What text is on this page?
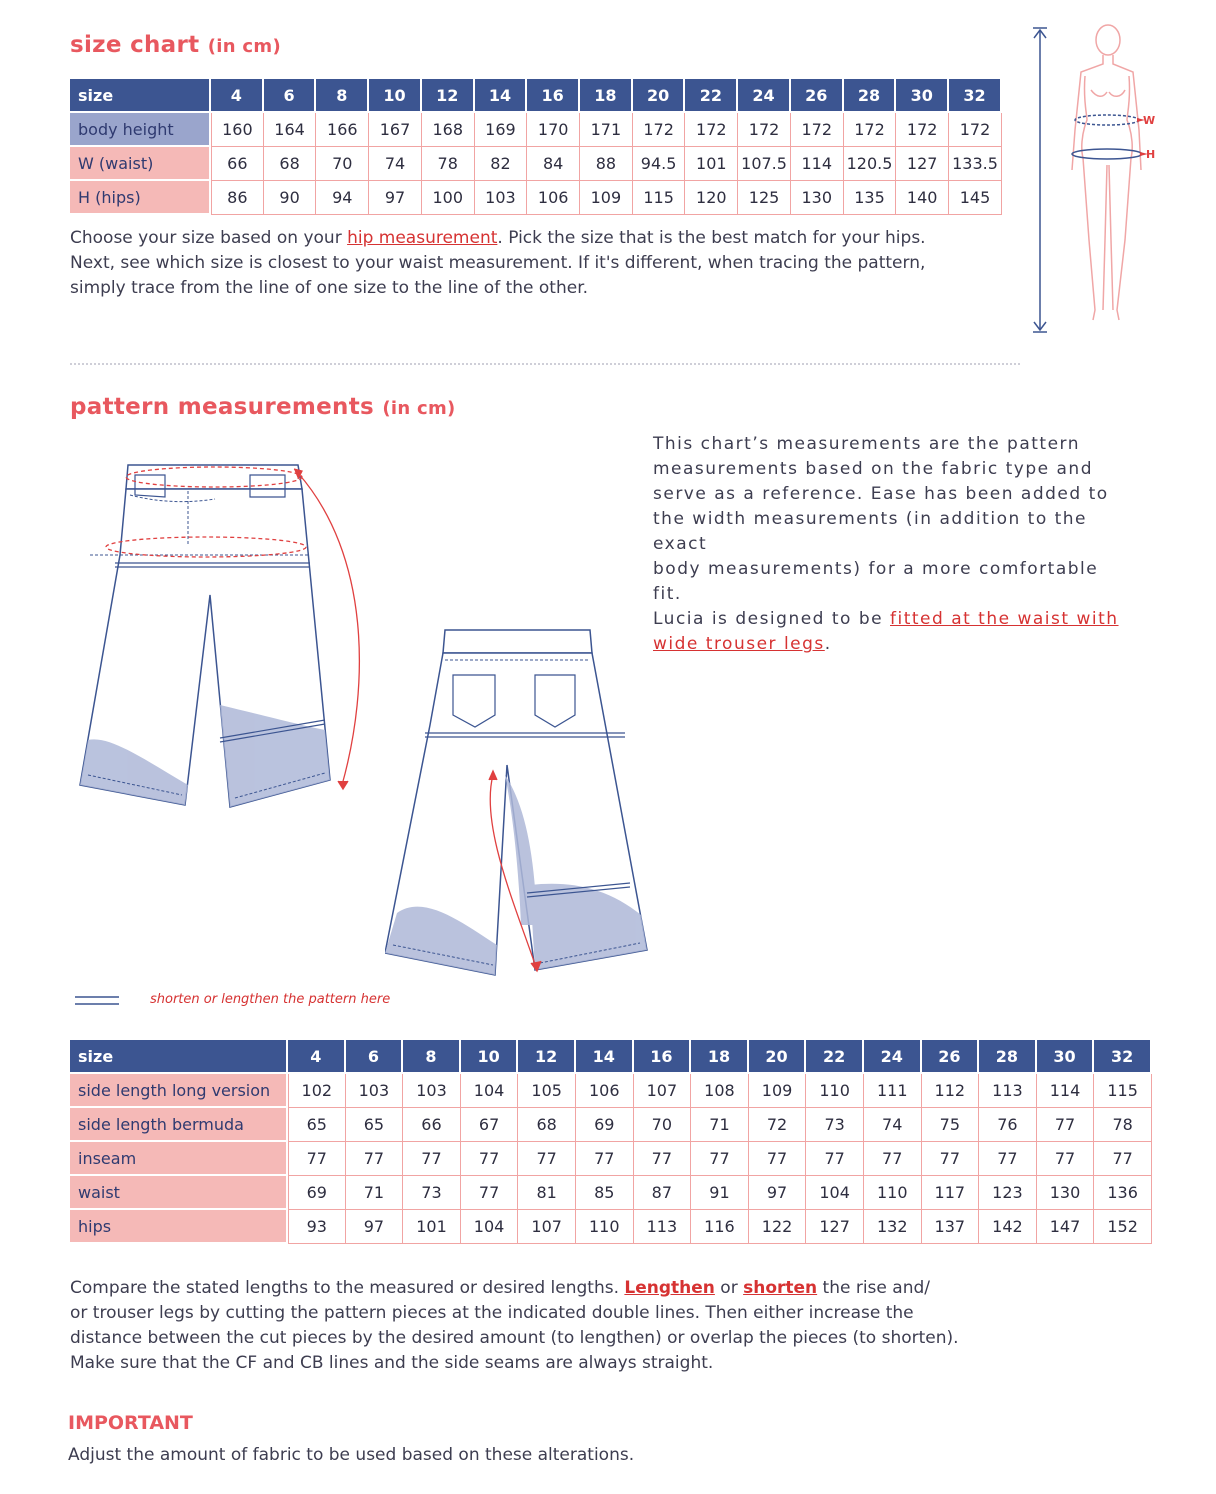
size chart (in cm)
size	4	6	8	10	12	14	16	18	20	22	24	26	28	30	32
body height	160	164	166	167	168	169	170	171	172	172	172	172	172	172	172
W (waist)	66	68	70	74	78	82	84	88	94.5	101	107.5	114	120.5	127	133.5
H (hips)	86	90	94	97	100	103	106	109	115	120	125	130	135	140	145
Choose your size based on your hip measurement. Pick the size that is the best match for your hips.
Next, see which size is closest to your waist measurement. If it's different, when tracing the pattern,
simply trace from the line of one size to the line of the other.
W
H
pattern measurements (in cm)
This chart’s measurements are the pattern
measurements based on the fabric type and
serve as a reference. Ease has been added to
the width measurements (in addition to the exact
body measurements) for a more comfortable fit.
Lucia is designed to be fitted at the waist with
wide trouser legs.
shorten or lengthen the pattern here
size	4	6	8	10	12	14	16	18	20	22	24	26	28	30	32
side length long version	102	103	103	104	105	106	107	108	109	110	111	112	113	114	115
side length bermuda	65	65	66	67	68	69	70	71	72	73	74	75	76	77	78
inseam	77	77	77	77	77	77	77	77	77	77	77	77	77	77	77
waist	69	71	73	77	81	85	87	91	97	104	110	117	123	130	136
hips	93	97	101	104	107	110	113	116	122	127	132	137	142	147	152
Compare the stated lengths to the measured or desired lengths. Lengthen or shorten the rise and/
or trouser legs by cutting the pattern pieces at the indicated double lines. Then either increase the
distance between the cut pieces by the desired amount (to lengthen) or overlap the pieces (to shorten).
Make sure that the CF and CB lines and the side seams are always straight.
IMPORTANT
Adjust the amount of fabric to be used based on these alterations.
